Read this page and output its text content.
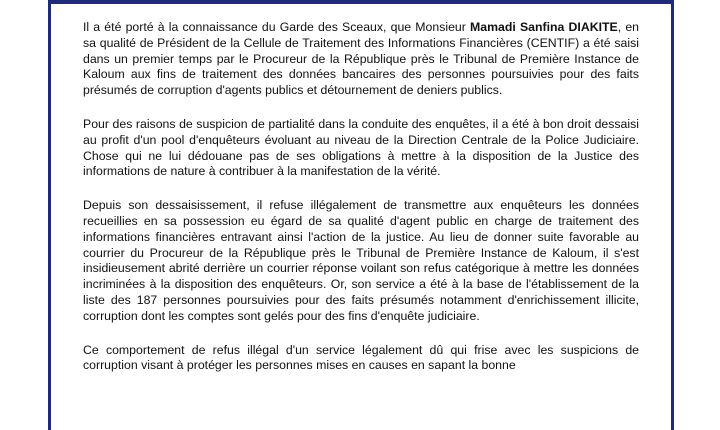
Il a été porté à la connaissance du Garde des Sceaux, que Monsieur Mamadi Sanfina DIAKITE, en sa qualité de Président de la Cellule de Traitement des Informations Financières (CENTIF) a été saisi dans un premier temps par le Procureur de la République près le Tribunal de Première Instance de Kaloum aux fins de traitement des données bancaires des personnes poursuivies pour des faits présumés de corruption d'agents publics et détournement de deniers publics.

Pour des raisons de suspicion de partialité dans la conduite des enquêtes, il a été à bon droit dessaisi au profit d'un pool d'enquêteurs évoluant au niveau de la Direction Centrale de la Police Judiciaire. Chose qui ne lui dédouane pas de ses obligations à mettre à la disposition de la Justice des informations de nature à contribuer à la manifestation de la vérité.

Depuis son dessaisissement, il refuse illégalement de transmettre aux enquêteurs les données recueillies en sa possession eu égard de sa qualité d'agent public en charge de traitement des informations financières entravant ainsi l'action de la justice. Au lieu de donner suite favorable au courrier du Procureur de la République près le Tribunal de Première Instance de Kaloum, il s'est insidieusement abrité derrière un courrier réponse voilant son refus catégorique à mettre les données incriminées à la disposition des enquêteurs. Or, son service a été à la base de l'établissement de la liste des 187 personnes poursuivies pour des faits présumés notamment d'enrichissement illicite, corruption dont les comptes sont gelés pour des fins d'enquête judiciaire.

Ce comportement de refus illégal d'un service légalement dû qui frise avec les suspicions de corruption visant à protéger les personnes mises en causes en sapant la bonne
